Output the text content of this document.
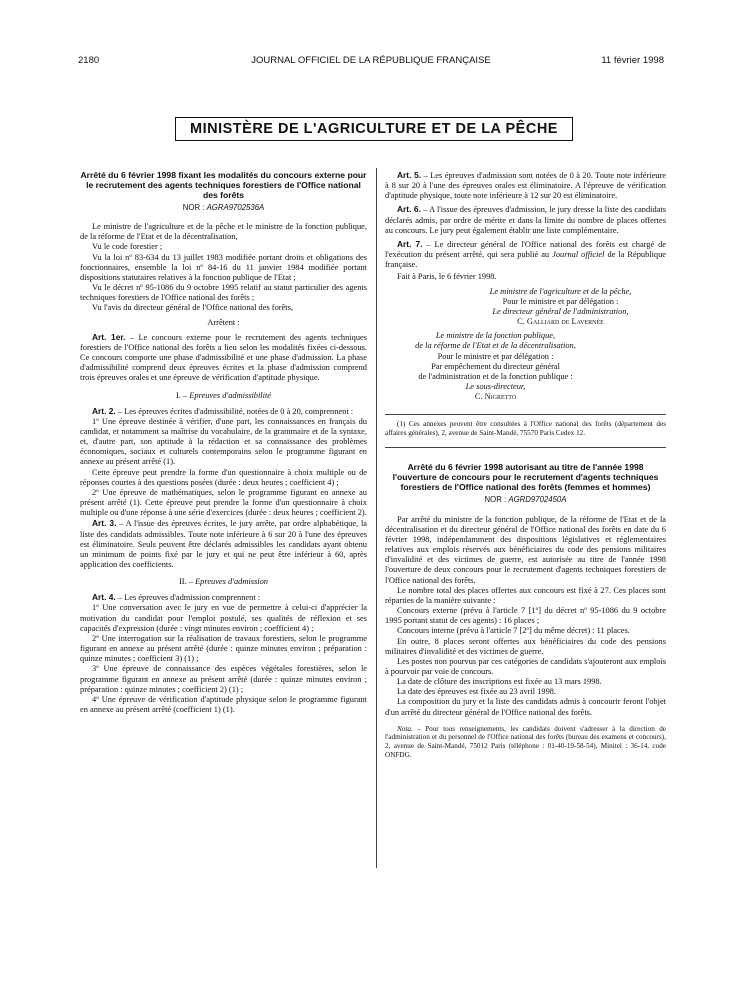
2180	JOURNAL OFFICIEL DE LA RÉPUBLIQUE FRANÇAISE	11 février 1998
MINISTÈRE DE L'AGRICULTURE ET DE LA PÊCHE

Arrêté du 6 février 1998 fixant les modalités du concours externe pour le recrutement des agents techniques forestiers de l'Office national des forêts

NOR : AGRA9702536A

Le ministre de l'agriculture et de la pêche et le ministre de la fonction publique, de la réforme de l'Etat et de la décentralisation,

Vu le code forestier ;

Vu la loi nº 83-634 du 13 juillet 1983 modifiée portant droits et obligations des fonctionnaires, ensemble la loi nº 84-16 du 11 janvier 1984 modifiée portant dispositions statutaires relatives à la fonction publique de l'Etat ;

Vu le décret nº 95-1086 du 9 octobre 1995 relatif au statut particulier des agents techniques forestiers de l'Office national des forêts ;

Vu l'avis du directeur général de l'Office national des forêts,

Arrêtent :

Art. 1er. – Le concours externe pour le recrutement des agents techniques forestiers de l'Office national des forêts a lieu selon les modalités fixées ci-dessous. Ce concours comporte une phase d'admissibilité et une phase d'admission. La phase d'admissibilité comprend deux épreuves écrites et la phase d'admission comprend trois épreuves orales et une épreuve de vérification d'aptitude physique.

I. – Epreuves d'admissibilité

Art. 2. – Les épreuves écrites d'admissibilité, notées de 0 à 20, comprennent :

1º Une épreuve destinée à vérifier, d'une part, les connaissances en français du candidat, et notamment sa maîtrise du vocabulaire, de la grammaire et de la syntaxe, et, d'autre part, son aptitude à la rédaction et sa connaissance des problèmes économiques, sociaux et culturels contemporains selon le programme figurant en annexe au présent arrêté (1).

Cette épreuve peut prendre la forme d'un questionnaire à choix multiple ou de réponses courtes à des questions posées (durée : deux heures ; coefficient 4) ;

2º Une épreuve de mathématiques, selon le programme figurant en annexe au présent arrêté (1). Cette épreuve peut prendre la forme d'un questionnaire à choix multiple ou d'une réponse à une série d'exercices (durée : deux heures ; coefficient 2).

Art. 3. – A l'issue des épreuves écrites, le jury arrête, par ordre alphabétique, la liste des candidats admissibles. Toute note inférieure à 6 sur 20 à l'une des épreuves est éliminatoire. Seuls peuvent être déclarés admissibles les candidats ayant obtenu un minimum de points fixé par le jury et qui ne peut être inférieur à 60, après application des coefficients.

II. – Epreuves d'admission

Art. 4. – Les épreuves d'admission comprennent :

1º Une conversation avec le jury en vue de permettre à celui-ci d'apprécier la motivation du candidat pour l'emploi postulé, ses qualités de réflexion et ses capacités d'expression (durée : vingt minutes environ ; coefficient 4) ;

2º Une interrogation sur la réalisation de travaux forestiers, selon le programme figurant en annexe au présent arrêté (durée : quinze minutes environ ; préparation : quinze minutes ; coefficient 3) (1) ;

3º Une épreuve de connaissance des espèces végétales forestières, selon le programme figurant en annexe au présent arrêté (durée : quinze minutes environ ; préparation : quinze minutes ; coefficient 2) (1) ;

4º Une épreuve de vérification d'aptitude physique selon le programme figurant en annexe au présent arrêté (coefficient 1) (1).

Art. 5. – Les épreuves d'admission sont notées de 0 à 20. Toute note inférieure à 8 sur 20 à l'une des épreuves orales est éliminatoire. A l'épreuve de vérification d'aptitude physique, toute note inférieure à 12 sur 20 est éliminatoire.

Art. 6. – A l'issue des épreuves d'admission, le jury dresse la liste des candidats déclarés admis, par ordre de mérite et dans la limite du nombre de places offertes au concours. Le jury peut également établir une liste complémentaire.

Art. 7. – Le directeur général de l'Office national des forêts est chargé de l'exécution du présent arrêté, qui sera publié au Journal officiel de la République française.

Fait à Paris, le 6 février 1998.

Le ministre de l'agriculture et de la pêche,

Pour le ministre et par délégation :

Le directeur général de l'administration,

C. Galliard de Lavernée

Le ministre de la fonction publique,

de la réforme de l'Etat et de la décentralisation,

Pour le ministre et par délégation :

Par empêchement du directeur général

de l'administration et de la fonction publique :

Le sous-directeur,

C. Nigretto

(1) Ces annexes peuvent être consultées à l'Office national des forêts (département des affaires générales), 2, avenue de Saint-Mandé, 75570 Paris Cedex 12.

Arrêté du 6 février 1998 autorisant au titre de l'année 1998 l'ouverture de concours pour le recrutement d'agents techniques forestiers de l'Office national des forêts (femmes et hommes)

NOR : AGRD9702450A

Par arrêté du ministre de la fonction publique, de la réforme de l'Etat et de la décentralisation et du directeur général de l'Office national des forêts en date du 6 février 1998, indépendamment des dispositions législatives et réglementaires relatives aux emplois réservés aux bénéficiaires du code des pensions militaires d'invalidité et des victimes de guerre, est autorisée au titre de l'année 1998 l'ouverture de deux concours pour le recrutement d'agents techniques forestiers de l'Office national des forêts.

Le nombre total des places offertes aux concours est fixé à 27. Ces places sont réparties de la manière suivante :

Concours externe (prévu à l'article 7 [1º] du décret nº 95-1086 du 9 octobre 1995 portant statut de ces agents) : 16 places ;

Concours interne (prévu à l'article 7 [2º] du même décret) : 11 places.

En outre, 8 places seront offertes aux bénéficiaires du code des pensions militaires d'invalidité et des victimes de guerre.

Les postes non pourvus par ces catégories de candidats s'ajouteront aux emplois à pourvoir par voie de concours.

La date de clôture des inscriptions est fixée au 13 mars 1998.

La date des épreuves est fixée au 23 avril 1998.

La composition du jury et la liste des candidats admis à concourir feront l'objet d'un arrêté du directeur général de l'Office national des forêts.

Nota. – Pour tous renseignements, les candidats doivent s'adresser à la direction de l'administration et du personnel de l'Office national des forêts (bureau des examens et concours), 2, avenue de Saint-Mandé, 75012 Paris (téléphone : 01-40-19-58-54), Minitel : 36-14, code ONFDG.
